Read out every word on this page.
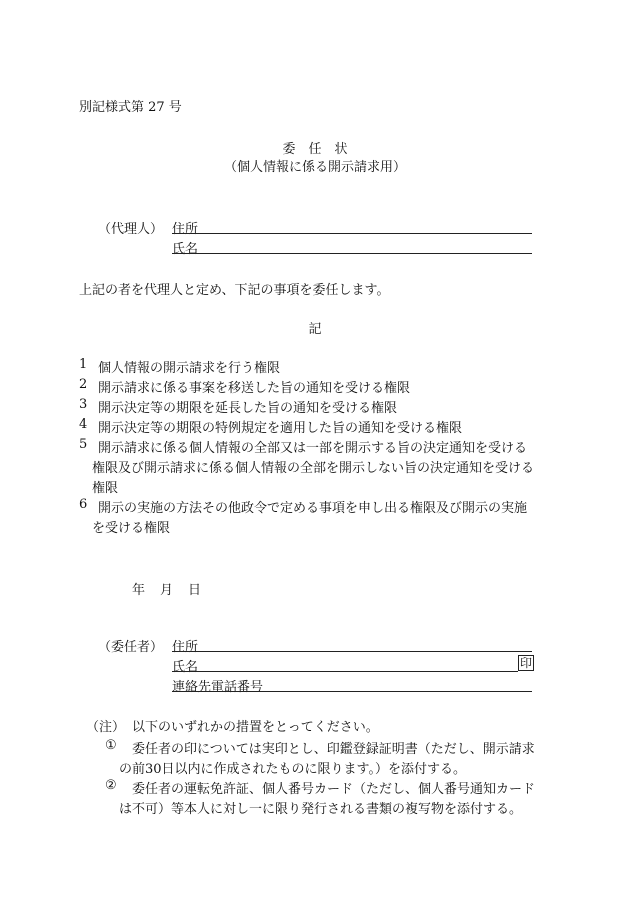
別記様式第 27 号
委　任　状
（個人情報に係る開示請求用）
（代理人） 住所
氏名
上記の者を代理人と定め、下記の事項を委任します。
記
1 個人情報の開示請求を行う権限
2 開示請求に係る事案を移送した旨の通知を受ける権限
3 開示決定等の期限を延長した旨の通知を受ける権限
4 開示決定等の期限の特例規定を適用した旨の通知を受ける権限
5 開示請求に係る個人情報の全部又は一部を開示する旨の決定通知を受ける
権限及び開示請求に係る個人情報の全部を開示しない旨の決定通知を受ける
権限
6 開示の実施の方法その他政令で定める事項を申し出る権限及び開示の実施
を受ける権限
年　月　日
（委任者） 住所
氏名	印
連絡先電話番号
（注） 以下のいずれかの措置をとってください。
① 委任者の印については実印とし、印鑑登録証明書（ただし、開示請求
の前30日以内に作成されたものに限ります。）を添付する。
② 委任者の運転免許証、個人番号カード（ただし、個人番号通知カード
は不可）等本人に対し一に限り発行される書類の複写物を添付する。
